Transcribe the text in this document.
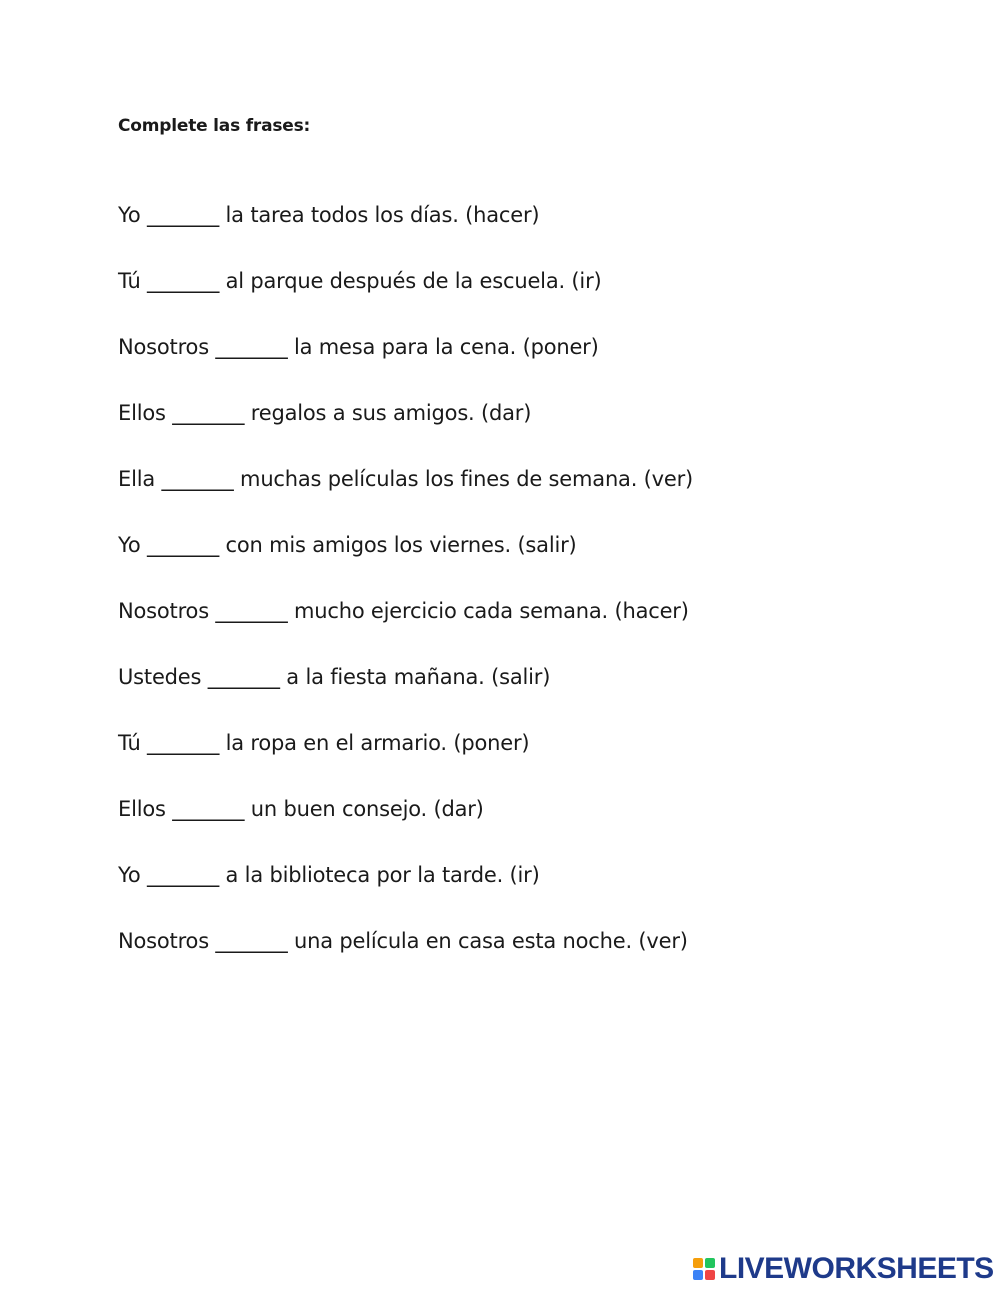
Complete las frases:
Yo _______ la tarea todos los días. (hacer)
Tú _______ al parque después de la escuela. (ir)
Nosotros _______ la mesa para la cena. (poner)
Ellos _______ regalos a sus amigos. (dar)
Ella _______ muchas películas los fines de semana. (ver)
Yo _______ con mis amigos los viernes. (salir)
Nosotros _______ mucho ejercicio cada semana. (hacer)
Ustedes _______ a la fiesta mañana. (salir)
Tú _______ la ropa en el armario. (poner)
Ellos _______ un buen consejo. (dar)
Yo _______ a la biblioteca por la tarde. (ir)
Nosotros _______ una película en casa esta noche. (ver)
LIVEWORKSHEETS
